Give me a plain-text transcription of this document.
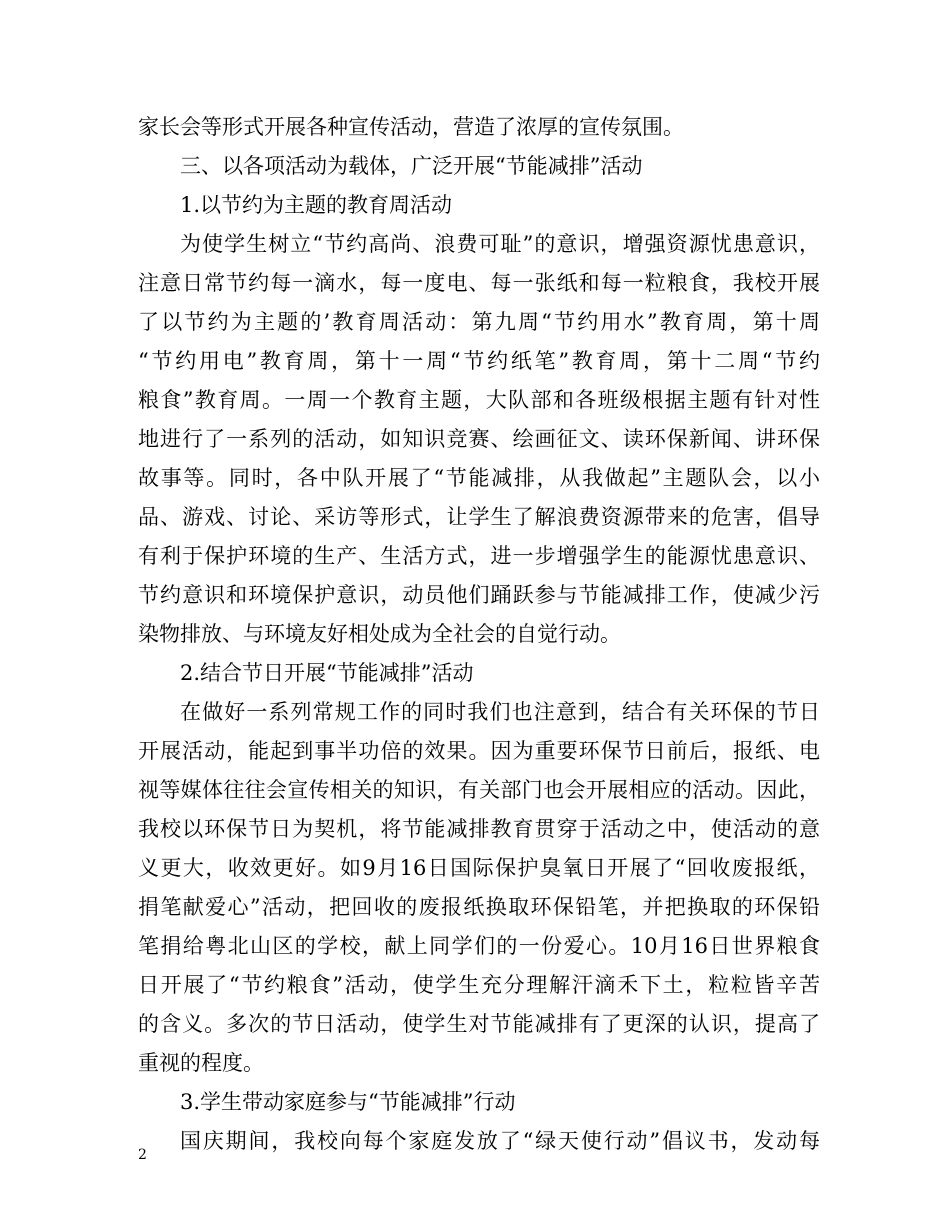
家长会等形式开展各种宣传活动，营造了浓厚的宣传氛围。
三、以各项活动为载体，广泛开展“节能减排”活动
1.以节约为主题的教育周活动
为使学生树立“节约高尚、浪费可耻”的意识，增强资源忧患意识，
注意日常节约每一滴水，每一度电、每一张纸和每一粒粮食，我校开展
了以节约为主题的’教育周活动：第九周“节约用水”教育周，第十周
“节约用电”教育周，第十一周“节约纸笔”教育周，第十二周“节约
粮食”教育周。一周一个教育主题，大队部和各班级根据主题有针对性
地进行了一系列的活动，如知识竞赛、绘画征文、读环保新闻、讲环保
故事等。同时，各中队开展了“节能减排，从我做起”主题队会，以小
品、游戏、讨论、采访等形式，让学生了解浪费资源带来的危害，倡导
有利于保护环境的生产、生活方式，进一步增强学生的能源忧患意识、
节约意识和环境保护意识，动员他们踊跃参与节能减排工作，使减少污
染物排放、与环境友好相处成为全社会的自觉行动。
2.结合节日开展“节能减排”活动
在做好一系列常规工作的同时我们也注意到，结合有关环保的节日
开展活动，能起到事半功倍的效果。因为重要环保节日前后，报纸、电
视等媒体往往会宣传相关的知识，有关部门也会开展相应的活动。因此，
我校以环保节日为契机，将节能减排教育贯穿于活动之中，使活动的意
义更大，收效更好。如9月16日国际保护臭氧日开展了“回收废报纸，
捐笔献爱心”活动，把回收的废报纸换取环保铅笔，并把换取的环保铅
笔捐给粤北山区的学校，献上同学们的一份爱心。10月16日世界粮食
日开展了“节约粮食”活动，使学生充分理解汗滴禾下土，粒粒皆辛苦
的含义。多次的节日活动，使学生对节能减排有了更深的认识，提高了
重视的程度。
3.学生带动家庭参与“节能减排”行动
国庆期间，我校向每个家庭发放了“绿天使行动”倡议书，发动每
2
